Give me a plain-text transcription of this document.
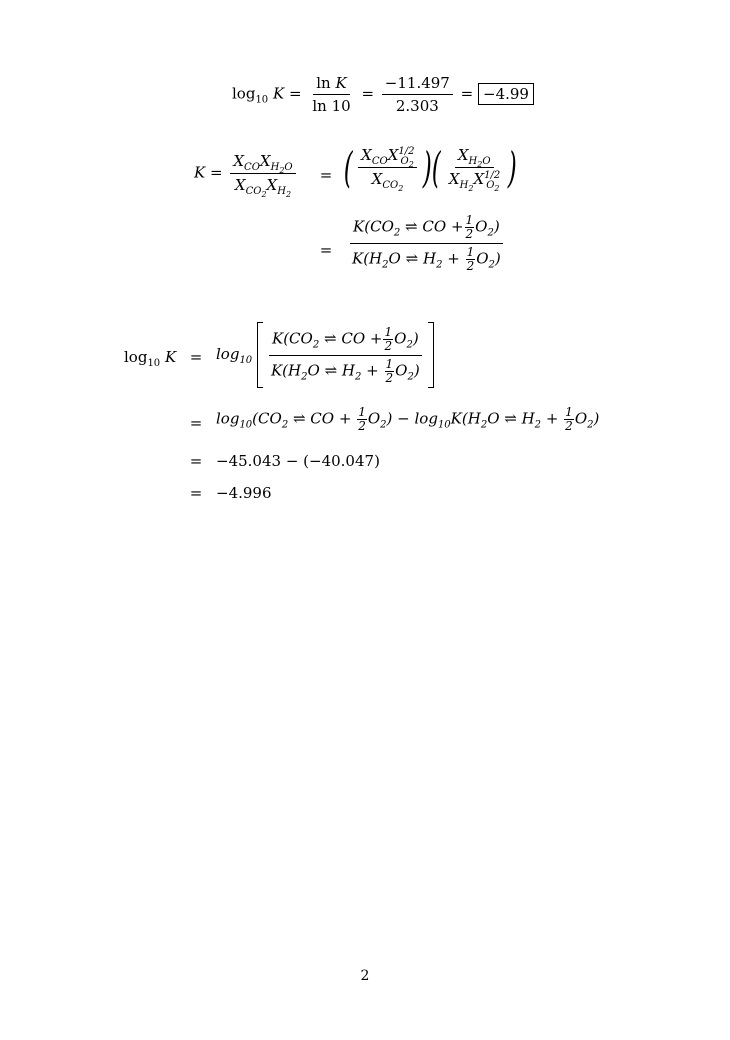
$\log_{10} K = \frac{\text{ln K}}{\ln 10} = \frac{-11.497}{2.303} = -4.99$
$K = \frac{X_{CO}X_{H_2O}}{X_{CO_2}X_{H_2}}$ = ( $\frac{X_{CO}X^{1/2}_{O_2}}{X_{CO_2}}$ ) ( $\frac{X_{H_2O}}{X_{H_2}X^{1/2}_{O_2}}$ )
= $\frac{K(CO_2 \rightleftharpoons CO + \frac{1}{2} O_2)}{K(H_2O \rightleftharpoons H_2 + \frac{1}{2} O_2)}$
$\log_{10} K = \log_{10} \frac{K(CO_2 \rightleftharpoons CO + \frac{1}{2} O_2)}{K(H_2O \rightleftharpoons H_2 + \frac{1}{2} O_2)}$
= $\log_{10}(CO_2$ ⇌ CO + $\frac{1}{2} O_2) - \log_{10}K(H_2O$ ⇌ $H_2 + \frac{1}{2} O_2$)
= −45.043 − (−40.047)
= −4.996
2
